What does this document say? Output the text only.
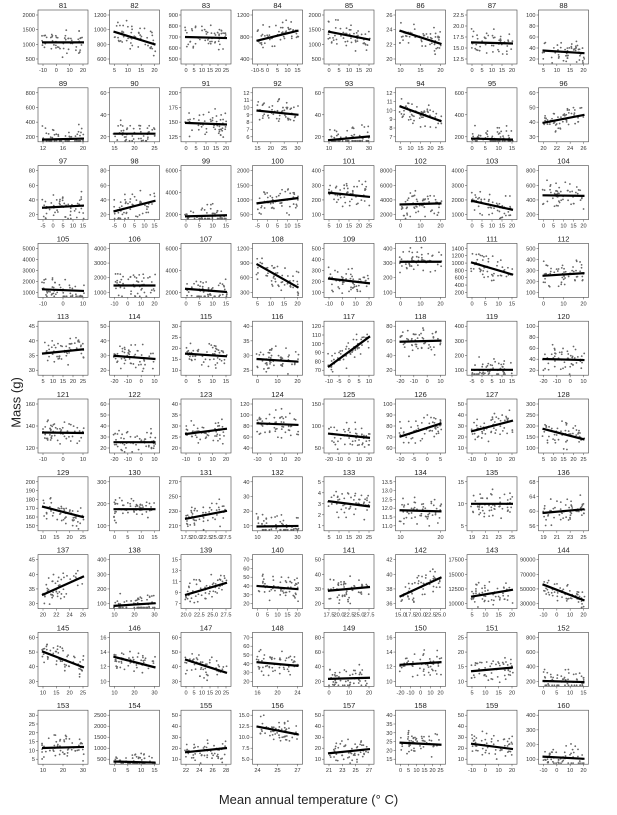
81
500
1000
1500
2000
-10 0 10 20
82
600
800
1000
1200
5 10 15 20
83
500
600
700
800
900
0 5 10 15 20 25
84
400
800
1200
-10-5 0 5 10 15
85
500
1000
1500
2000
0 5 10 15 20
86
20
22
24
26
10 15 20
87
12.5
15.0
17.5
20.0
22.5
0 5 10 15 20
88
20
40
60
80
100
5 10 15 20
89
200
400
600
800
12 16 20
90
20
40
60
15 20 25
91
125
150
175
200
0 5 10 15 20
92
6
7
8
9
10
11
12
15 20 25 30
93
20
40
60
10 20 30
94
7
8
9
10
11
12
5 10 15 20 25
95
200
400
600
0 5 10 15
96
30
40
50
60
20 22 24 26
97
20
40
60
80
-5 0 5 10 15
98
20
40
60
80
-5 0 5 10 15
99
2000
4000
6000
0 5 10 15
100
500
1000
1500
2000
-5 0 5 10 15
101
100
200
300
400
5 10 15 20 25
102
2000
4000
6000
8000
0	10 20
103
1000
2000
3000
4000
0 5 10 15 20
104
200
400
600
800
0 5 10 15 20
105
1000
2000
3000
4000
5000
-10	0	10
106
1000
2000
3000
4000
-10 0 10 20
107
2000
4000
6000
0 5 10 15
108
300
600
900
1200
5 10 15 20
109
100
200
300
400
500
-10 0 10 20
110
100
200
300
400
0	10 20
111
200
400
600
800
1000
1200
1400
0 5 10 15
112
100
200
300
400
500
0	10 20
113
30
35
40
45
5 10 15 20 25
114
20
30
40
50
-20 -10 0 10
115
10
15
20
25
30
0 5 10 15
116
25
30
35
40
0	10 20
117
70
80
90
100
110
120
-10 -5 0 5 10
118
20
40
60
80
-20 -10 0 10
119
100
200
300
400
-5 0 5 10 15
120
20
40
60
80
100
-20 -10 0 10
121
120
140
160
-10	0	10
122
20
30
40
50
60
-20 -10 0 10
123
20
25
30
35
40
-10 0 10 20
124
40
60
80
100
120
-10 0 10 20
125
50
100
150
-20 -10 0 10 20
126
60
70
80
90
100
-10 -5 0 5
127
10
20
30
40
50
-10 0 10 20
128
100
150
200
250
300
5 10 15 20 25
129
150
160
170
180
190
200
10 15 20 25
130
100
200
300
0 5 10 15
131
210
230
250
270
17.5 20.0 22.5 25.0 27.5
132
10
20
30
40
10 20 30
133
1
2
3
4
5
5 10 15 20 25
134
11.0
11.5
12.0
12.5
13.0
13.5
10	20
135
5
10
15
19 21 23 25
136
56
60
64
68
19 21 23 25
137
30
35
40
45
20 22 24 26
138
100
200
300
400
10 20 30
139
7
9
11
13
15
20.0 22.5 25.0 27.5
140
20
30
40
50
60
70
0 5 10 15 20
141
20
30
40
50
17.5 20.0 22.5 25.0 27.5
142
36
38
40
42
15.0 17.5 20.0 22.5 25.0
143
10000
12500
15000
17500
5 10 15 20
144
30000
50000
70000
90000
-10 0 10 20
145
30
40
50
60
10 15 20 25
146
10
12
14
16
10 20 30
147
30
40
50
60
0 5 10 15 20 25
148
20
30
40
50
60
70
16 20 24
149
20
40
60
80
0	10 20
150
10
12
14
16
-20 -10 0 10 20
151
10
15
20
25
5 10 15 20
152
200
400
600
800
0 5 10 15
153
5
10
15
20
25
30
10 20 30
154
500
1000
1500
2000
2500
0 5 10 15
155
10
20
30
40
50
22 24 26 28
156
5.0
7.5
10.0
12.5
15.0
24 25 27
157
10
20
30
40
50
21 23 25 27
158
15
20
25
30
35
40
0 5 10 15 20 25
159
10
20
30
40
50
-10 0 10 20
160
100
200
300
400
-10 0 10 20
Mass (g)
Mean annual temperature (° C)
